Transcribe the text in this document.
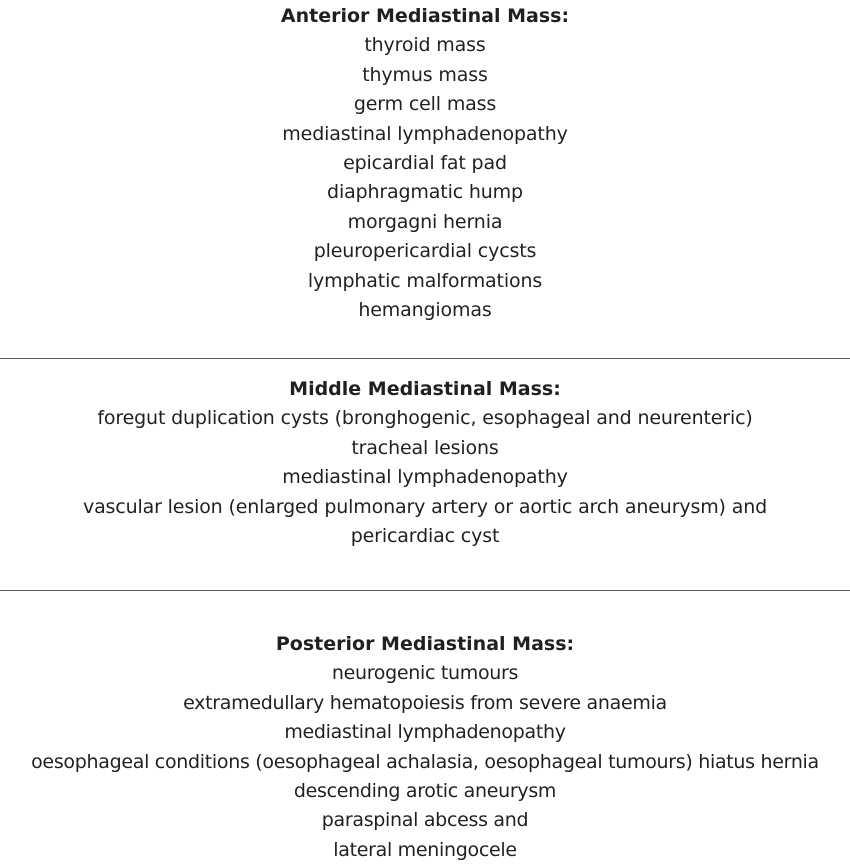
Anterior Mediastinal Mass:
thyroid mass
thymus mass
germ cell mass
mediastinal lymphadenopathy
epicardial fat pad
diaphragmatic hump
morgagni hernia
pleuropericardial cycsts
lymphatic malformations
hemangiomas
Middle Mediastinal Mass:
foregut duplication cysts (bronghogenic, esophageal and neurenteric)
tracheal lesions
mediastinal lymphadenopathy
vascular lesion (enlarged pulmonary artery or aortic arch aneurysm) and
pericardiac cyst
Posterior Mediastinal Mass:
neurogenic tumours
extramedullary hematopoiesis from severe anaemia
mediastinal lymphadenopathy
oesophageal conditions (oesophageal achalasia, oesophageal tumours) hiatus hernia
descending arotic aneurysm
paraspinal abcess and
lateral meningocele
